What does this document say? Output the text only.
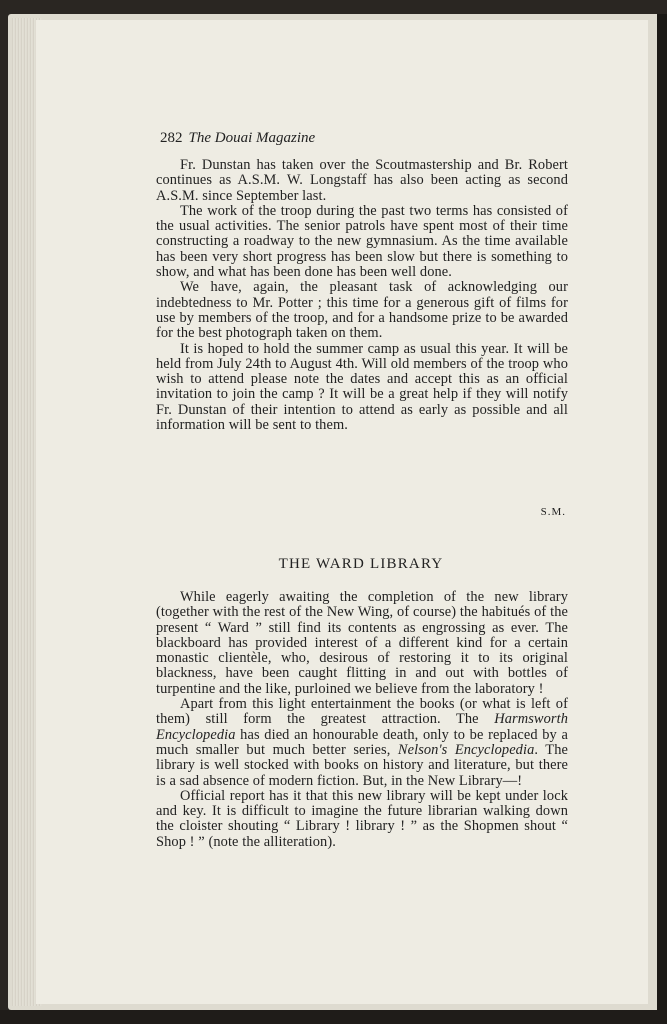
282 The Douai Magazine

Fr. Dunstan has taken over the Scoutmastership and Br. Robert continues as A.S.M. W. Longstaff has also been acting as second A.S.M. since September last.

The work of the troop during the past two terms has consisted of the usual activities. The senior patrols have spent most of their time constructing a roadway to the new gymnasium. As the time available has been very short progress has been slow but there is something to show, and what has been done has been well done.

We have, again, the pleasant task of acknowledging our indebtedness to Mr. Potter ; this time for a generous gift of films for use by members of the troop, and for a handsome prize to be awarded for the best photograph taken on them.

It is hoped to hold the summer camp as usual this year. It will be held from July 24th to August 4th. Will old members of the troop who wish to attend please note the dates and accept this as an official invitation to join the camp ? It will be a great help if they will notify Fr. Dunstan of their intention to attend as early as possible and all information will be sent to them.

S.M.
THE WARD LIBRARY

While eagerly awaiting the completion of the new library (together with the rest of the New Wing, of course) the habitués of the present “ Ward ” still find its contents as engrossing as ever. The blackboard has provided interest of a different kind for a certain monastic clientèle, who, desirous of restoring it to its original blackness, have been caught flitting in and out with bottles of turpentine and the like, purloined we believe from the laboratory !

Apart from this light entertainment the books (or what is left of them) still form the greatest attraction. The Harmsworth Encyclopedia has died an honourable death, only to be replaced by a much smaller but much better series, Nelson's Encyclopedia. The library is well stocked with books on history and literature, but there is a sad absence of modern fiction. But, in the New Library—!

Official report has it that this new library will be kept under lock and key. It is difficult to imagine the future librarian walking down the cloister shouting “ Library ! library ! ” as the Shopmen shout “ Shop ! ” (note the alliteration).
